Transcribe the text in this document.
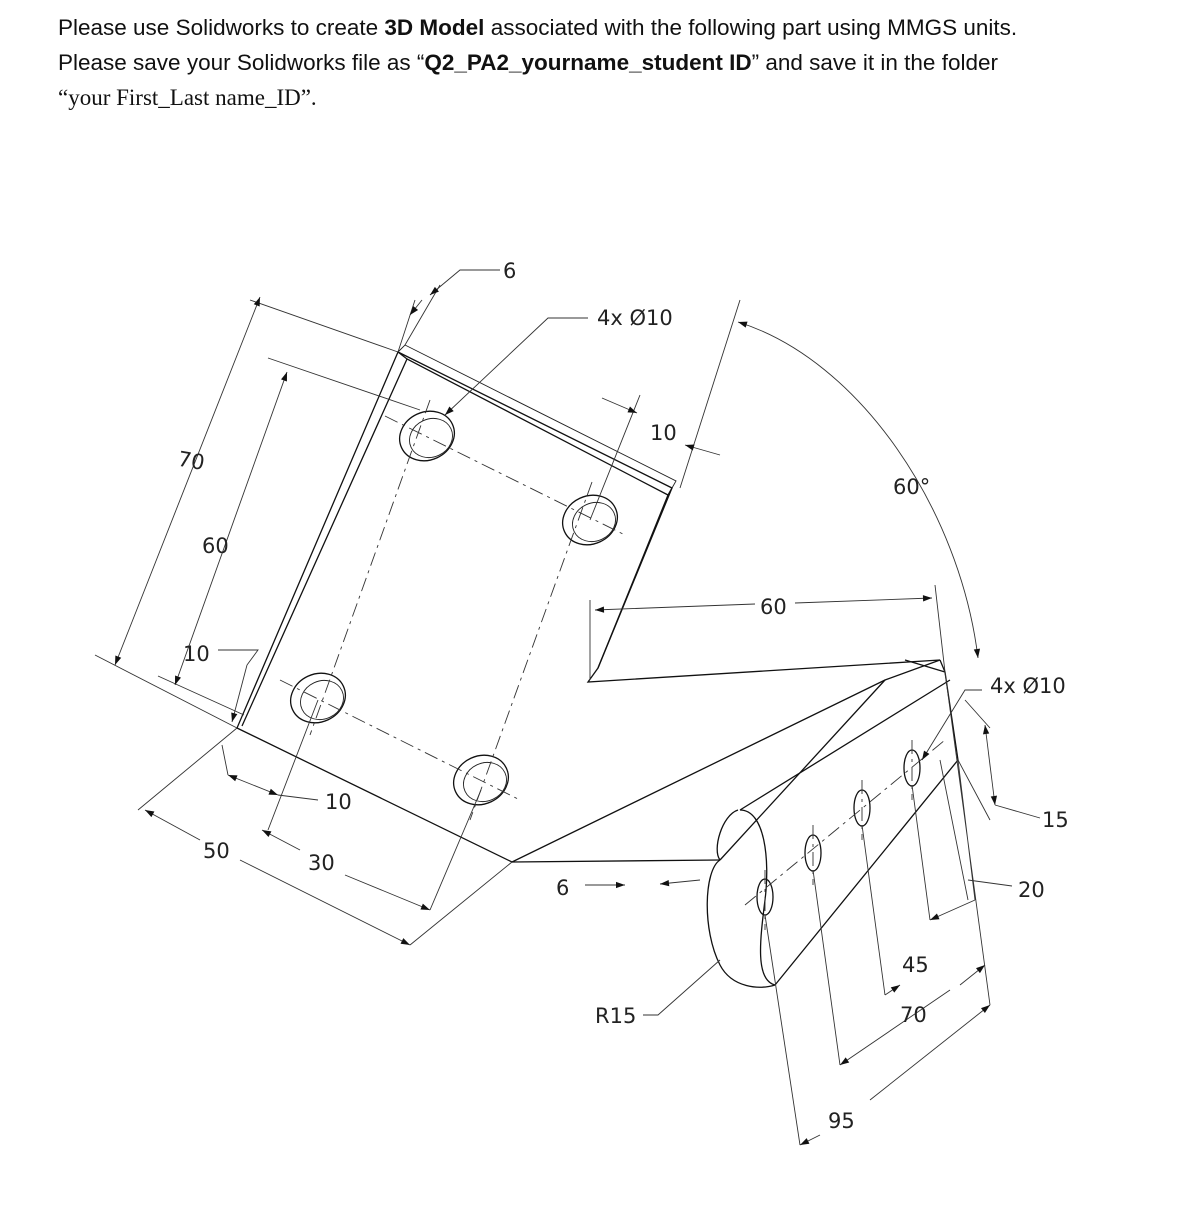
Please use Solidworks to create 3D Model associated with the following part using MMGS units.

Please save your Solidworks file as “Q2_PA2_yourname_student ID” and save it in the folder

“your First_Last name_ID”.

6
4x Ø10
10
70
60°
60
60
10
4x Ø10
10
15
50	30
6	20
45
R15	70
95
